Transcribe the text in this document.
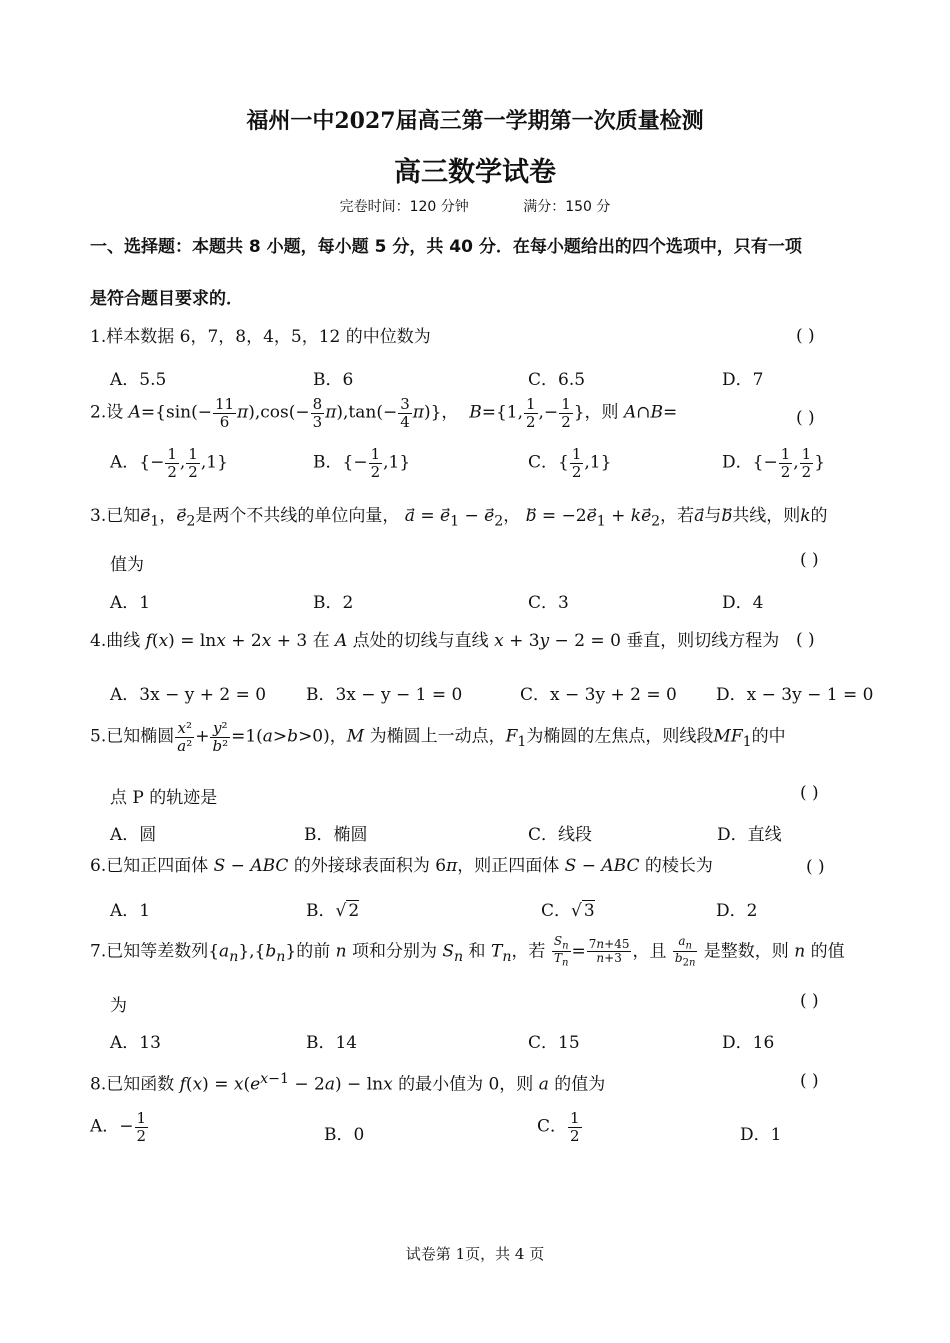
福州一中2027届高三第一学期第一次质量检测
高三数学试卷
完卷时间：120 分钟	满分：150 分
一、选择题：本题共 8 小题，每小题 5 分，共 40 分．在每小题给出的四个选项中，只有一项
是符合题目要求的．
1.样本数据 6，7，8，4，5，12 的中位数为	( )
A．5.5	B．6	C．6.5	D．7
2.设 $A=\{\sin(- \frac{11}{6} \pi),\cos(- \frac{8}{3} \pi),\tan(- \frac{3}{4} \pi)\}$，  B={1, $\frac{1}{2}$ ,− $\frac{1}{2}$ }，则 A∩B=	( )
A．{− $\frac{1}{2}$ , $\frac{1}{2} ,1$}	B．{− $\frac{1}{2} ,1$}	C．{ $\frac{1}{2} ,1$}	D．{− $\frac{1}{2}$ , $\frac{1}{2}$ }
3.已知$e_1$，$e_2$是两个不共线的单位向量， a⃗ = $e_1 - e_2$， b⃗ = $-2e_1 + ke_2$，若a⃗与b⃗共线，则k的
值为	( )
A．1	B．2	C．3	D．4
4.曲线 f(x) = lnx + 2x + 3 在 A 点处的切线与直线 x + 3y − 2 = 0 垂直，则切线方程为 ( )
A．3x − y + 2 = 0 B．3x − y − 1 = 0	C．x − 3y + 2 = 0 D．x − 3y − 1 = 0
5.已知椭圆 $\frac{\text{x²}}{\text{a²}} + \frac{\text{y²}}{\text{b²}} =1(a>b>0)$，M 为椭圆上一动点，$F_1$为椭圆的左焦点，则线段$MF_1$的中
点 P 的轨迹是	( )
A．圆	B．椭圆	C．线段	D．直线
6.已知正四面体 S − ABC 的外接球表面积为 6π，则正四面体 S − ABC 的棱长为	( )
A．1	B．√ 2	C．√ 3	D．2
7.已知等差数列$\{a_n\},\{b_n\}$的前 n 项和分别为 $S_n$ 和 $T_n$，若 $\frac{S_n}{T_n} = \frac{7n+45}{n+3}$ ，且 $\frac{a_n}{b_{2n}}$ 是整数，则 n 的值
为	( )
A．13	B．14	C．15	D．16
8.已知函数 $f(x) = x(e^{x-1} - 2a) - \ln x$ 的最小值为 0，则 a 的值为	( )
A．− $\frac{1}{2}$	B．0	C． $\frac{1}{2}$	D．1
试卷第 1页，共 4 页
